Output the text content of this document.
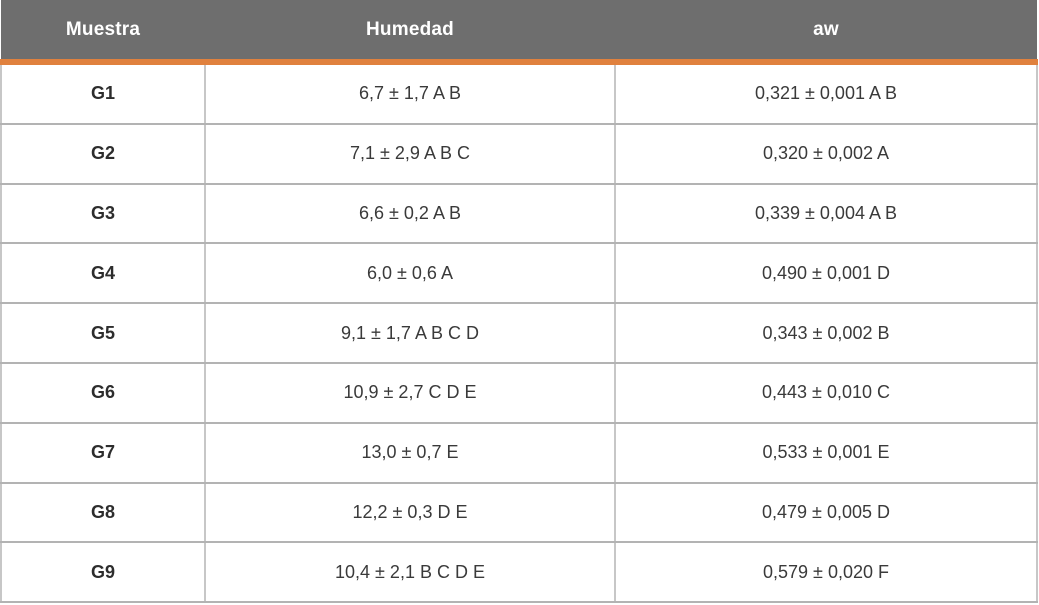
Muestra	Humedad	aw
G1	6,7 ± 1,7 A B	0,321 ± 0,001 A B
G2	7,1 ± 2,9 A B C	0,320 ± 0,002 A
G3	6,6 ± 0,2 A B	0,339 ± 0,004 A B
G4	6,0 ± 0,6 A	0,490 ± 0,001 D
G5	9,1 ± 1,7 A B C D	0,343 ± 0,002 B
G6	10,9 ± 2,7 C D E	0,443 ± 0,010 C
G7	13,0 ± 0,7 E	0,533 ± 0,001 E
G8	12,2 ± 0,3 D E	0,479 ± 0,005 D
G9	10,4 ± 2,1 B C D E	0,579 ± 0,020 F
